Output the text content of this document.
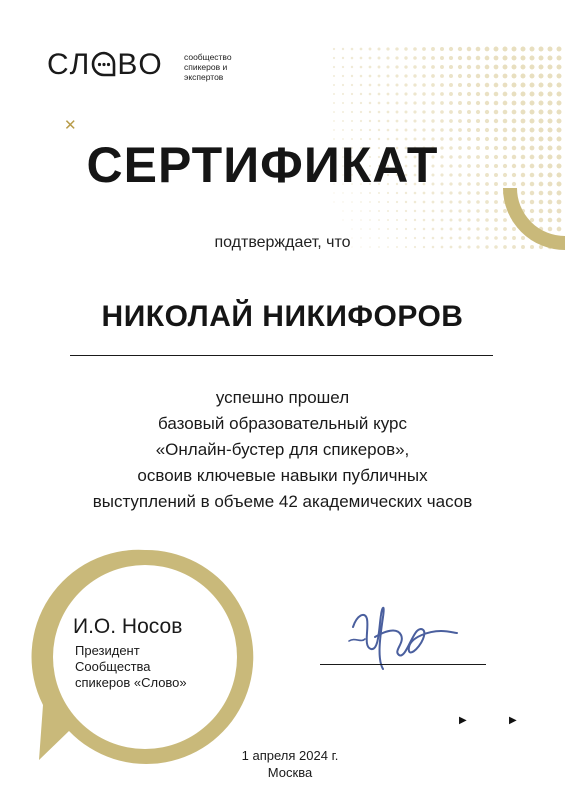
СЛ ВО сообщество
спикеров и
экспертов
✕
СЕРТИФИКАТ
подтверждает, что
НИКОЛАЙ НИКИФОРОВ
успешно прошел
базовый образовательный курс
«Онлайн-бустер для спикеров»,
освоив ключевые навыки публичных
выступлений в объеме 42 академических часов
И.О. Носов
Президент
Сообщества
спикеров «Слово»
▶	▶
1 апреля 2024 г.
Москва
